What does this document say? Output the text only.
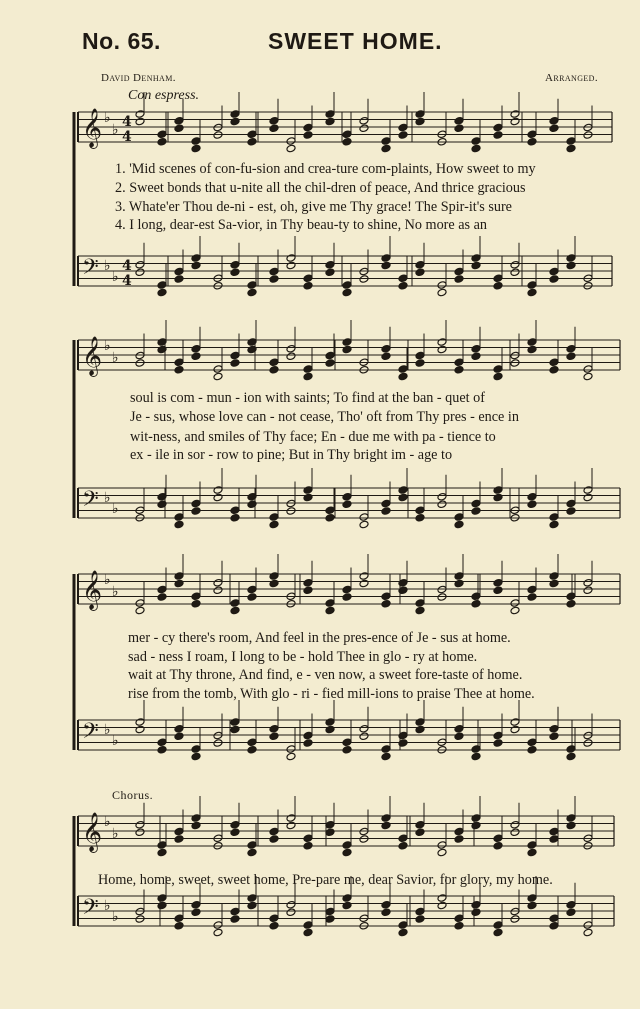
No. 65.	SWEET HOME.
David Denham.	Arranged.
Con espress.
𝄞 ♭
♭
𝄢 ♭
♭
𝄞 ♭
♭
𝄢 ♭
♭
𝄞 ♭
♭
𝄢 ♭
♭
𝄞 ♭
♭
𝄢 ♭
♭
4
4
4
4
1. 'Mid scenes of con-fu-sion and crea-ture com-plaints, How sweet to my
2. Sweet bonds that u-nite all the chil-dren of peace, And thrice gracious
3. Whate'er Thou de-ni - est, oh, give me Thy grace! The Spir-it's sure
4. I long, dear-est Sa-vior, in Thy beau-ty to shine, No more as an
soul is com - mun - ion with saints; To find at the ban - quet of
Je - sus, whose love can - not cease, Tho' oft from Thy pres - ence in
wit-ness, and smiles of Thy face; En - due me with pa - tience to
ex - ile in sor - row to pine; But in Thy bright im - age to
mer - cy there's room, And feel in the pres-ence of Je - sus at home.
sad - ness I roam, I long to be - hold Thee in glo - ry at home.
wait at Thy throne, And find, e - ven now, a sweet fore-taste of home.
rise from the tomb, With glo - ri - fied mill-ions to praise Thee at home.
Chorus.
Home, home, sweet, sweet home, Pre-pare me, dear Savior, for glory, my home.
